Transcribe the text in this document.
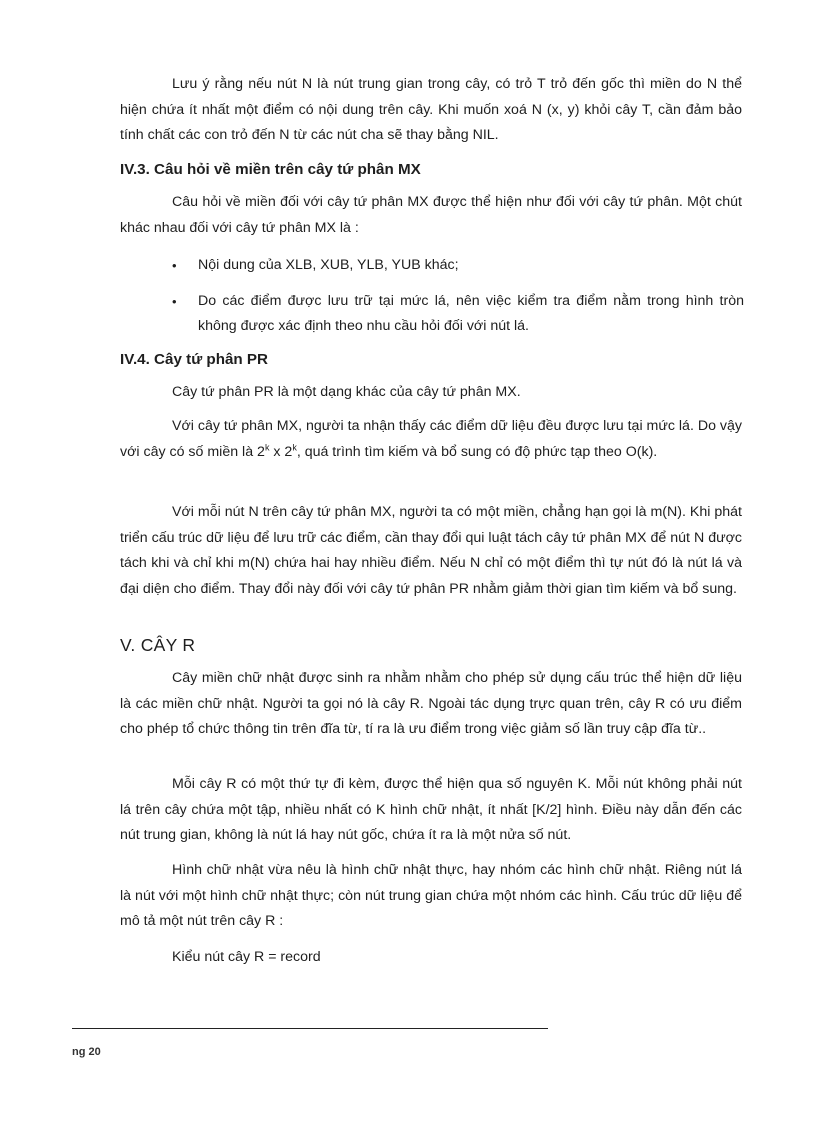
Lưu ý rằng nếu nút N là nút trung gian trong cây, có trỏ T trỏ đến gốc thì miền do N thể hiện chứa ít nhất một điểm có nội dung trên cây. Khi muốn xoá N (x, y) khỏi cây T, cần đảm bảo tính chất các con trỏ đến N từ các nút cha sẽ thay bằng NIL.

IV.3. Câu hỏi về miền trên cây tứ phân MX

Câu hỏi về miền đối với cây tứ phân MX được thể hiện như đối với cây tứ phân. Một chút khác nhau đối với cây tứ phân MX là :

• Nội dung của XLB, XUB, YLB, YUB khác;
• Do các điểm được lưu trữ tại mức lá, nên việc kiểm tra điểm nằm trong hình tròn không được xác định theo nhu cầu hỏi đối với nút lá.
IV.4. Cây tứ phân PR

Cây tứ phân PR là một dạng khác của cây tứ phân MX.

Với cây tứ phân MX, người ta nhận thấy các điểm dữ liệu đều được lưu tại mức lá. Do vậy với cây có số miền là 2$^k$ x 2$^k$, quá trình tìm kiếm và bổ sung có độ phức tạp theo O(k).

Với mỗi nút N trên cây tứ phân MX, người ta có một miền, chẳng hạn gọi là m(N). Khi phát triển cấu trúc dữ liệu để lưu trữ các điểm, cần thay đổi qui luật tách cây tứ phân MX để nút N được tách khi và chỉ khi m(N) chứa hai hay nhiều điểm. Nếu N chỉ có một điểm thì tự nút đó là nút lá và đại diện cho điểm. Thay đổi này đối với cây tứ phân PR nhằm giảm thời gian tìm kiếm và bổ sung.

V. CÂY R

Cây miền chữ nhật được sinh ra nhằm nhằm cho phép sử dụng cấu trúc thể hiện dữ liệu là các miền chữ nhật. Người ta gọi nó là cây R. Ngoài tác dụng trực quan trên, cây R có ưu điểm cho phép tổ chức thông tin trên đĩa từ, tí ra là ưu điểm trong việc giảm số lần truy cập đĩa từ..

Mỗi cây R có một thứ tự đi kèm, được thể hiện qua số nguyên K. Mỗi nút không phải nút lá trên cây chứa một tập, nhiều nhất có K hình chữ nhật, ít nhất [K/2] hình. Điều này dẫn đến các nút trung gian, không là nút lá hay nút gốc, chứa ít ra là một nửa số nút.

Hình chữ nhật vừa nêu là hình chữ nhật thực, hay nhóm các hình chữ nhật. Riêng nút lá là nút với một hình chữ nhật thực; còn nút trung gian chứa một nhóm các hình. Cấu trúc dữ liệu để mô tả một nút trên cây R :

Kiểu nút cây R = record

ng 20
